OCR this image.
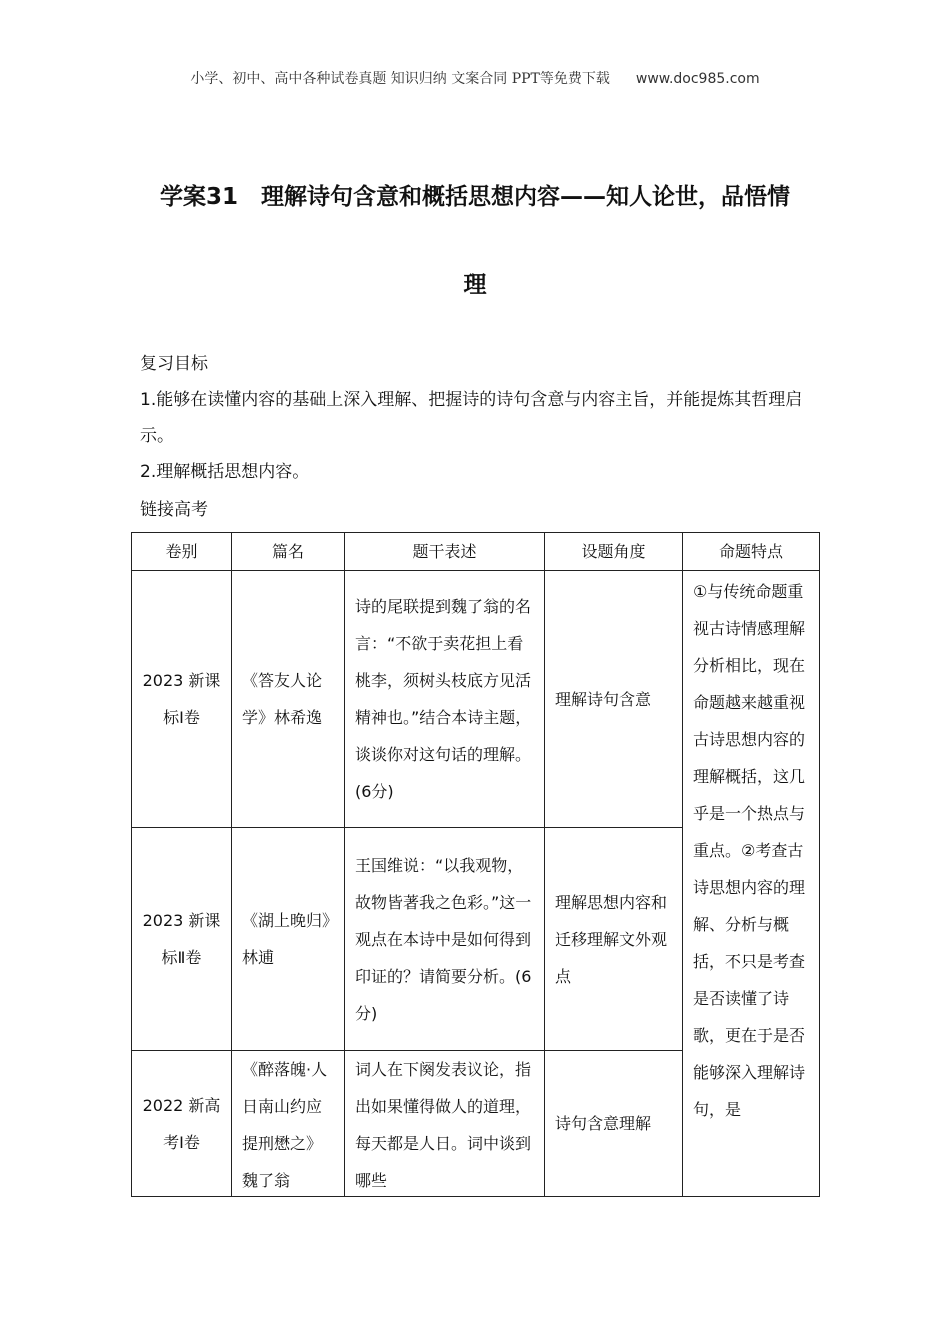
小学、初中、高中各种试卷真题 知识归纳 文案合同 PPT等免费下载 www.doc985.com
学案31　理解诗句含意和概括思想内容——知人论世，品悟情
理
复习目标
1.能够在读懂内容的基础上深入理解、把握诗的诗句含意与内容主旨，并能提炼其哲理启示。
2.理解概括思想内容。
链接高考
卷别	篇名	题干表述	设题角度	命题特点
2023 新课标Ⅰ卷	《答友人论学》林希逸	诗的尾联提到魏了翁的名言：“不欲于卖花担上看桃李，须树头枝底方见活精神也。”结合本诗主题，谈谈你对这句话的理解。(6分)	理解诗句含意	①与传统命题重视古诗情感理解分析相比，现在命题越来越重视古诗思想内容的理解概括，这几乎是一个热点与重点。②考查古诗思想内容的理解、分析与概括，不只是考查是否读懂了诗歌，更在于是否能够深入理解诗句，是

2023 新课标Ⅱ卷	《湖上晚归》林逋	王国维说：“以我观物，故物皆著我之色彩。”这一观点在本诗中是如何得到印证的？请简要分析。(6分)	理解思想内容和迁移理解文外观点	
2022 新高考Ⅰ卷	《醉落魄·人日南山约应提刑懋之》魏了翁	词人在下阕发表议论，指出如果懂得做人的道理，每天都是人日。词中谈到哪些	诗句含意理解	
